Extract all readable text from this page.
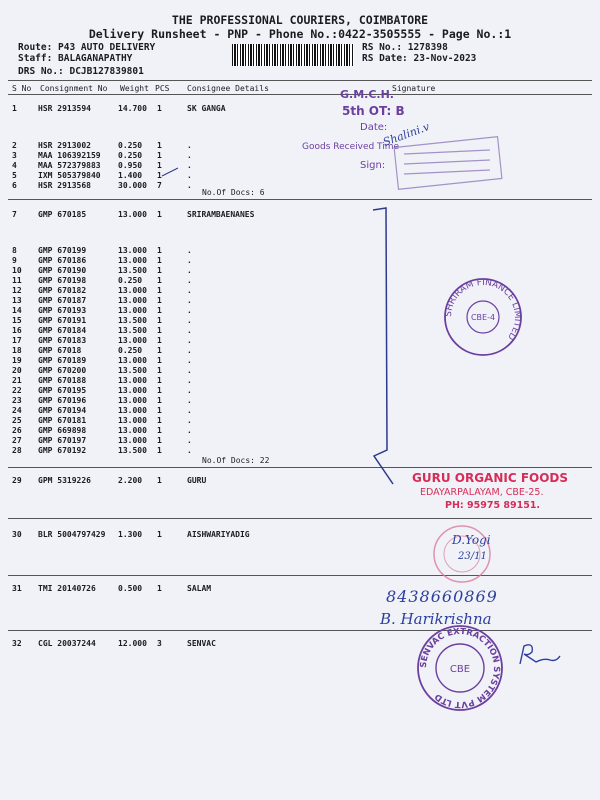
THE PROFESSIONAL COURIERS, COIMBATORE
Delivery Runsheet - PNP - Phone No.:0422-3505555 - Page No.:1
Route: P43 AUTO DELIVERY
Staff: BALAGANAPATHY
DRS No.: DCJB127839801
RS No.: 1278398
RS Date: 23-Nov-2023
S No Consignment No Weight PCS Consignee Details	Signature
1	HSR 2913594	14.700 1	SK GANGA
2	HSR 2913002	0.250 1	.
3	MAA 106392159 0.250 1	.
4	MAA 572379883 0.950 1	.
5	IXM 505379840 1.400 1	.
6	HSR 2913568	30.000 7	.
7	GMP 670185	13.000 1	SRIRAMBAENANES
8	GMP 670199	13.000 1	.
9	GMP 670186	13.000 1	.
10 GMP 670190	13.500 1	.
11 GMP 670198	0.250 1	.
12 GMP 670182	13.000 1	.
13 GMP 670187	13.000 1	.
14 GMP 670193	13.000 1	.
15 GMP 670191	13.500 1	.
16 GMP 670184	13.500 1	.
17 GMP 670183	13.000 1	.
18 GMP 67018	0.250 1	.
19 GMP 670189	13.000 1	.
20 GMP 670200	13.500 1	.
21 GMP 670188	13.000 1	.
22 GMP 670195	13.000 1	.
23 GMP 670196	13.000 1	.
24 GMP 670194	13.000 1	.
25 GMP 670181	13.000 1	.
26 GMP 669898	13.000 1	.
27 GMP 670197	13.000 1	.
28 GMP 670192	13.500 1	.
29 GPM 5319226	2.200 1	GURU
30 BLR 5004797429 1.300 1	AISHWARIYADIG
31 TMI 20140726	0.500 1	SALAM
32 CGL 20037244	12.000 3	SENVAC
No.Of Docs: 6
No.Of Docs: 22
G.M.C.H.
5th OT: B
Date:
Goods Received Time
Sign:
Shalini.v
SHRIRAM FINANCE LIMITED
CBE-4
GURU ORGANIC FOODS
EDAYARPALAYAM, CBE-25.
PH: 95975 89151.
D.Yogi
23/11
8438660869
B. Harikrishna
SENVAC EXTRACTION SYSTEM PVT LTD
CBE
